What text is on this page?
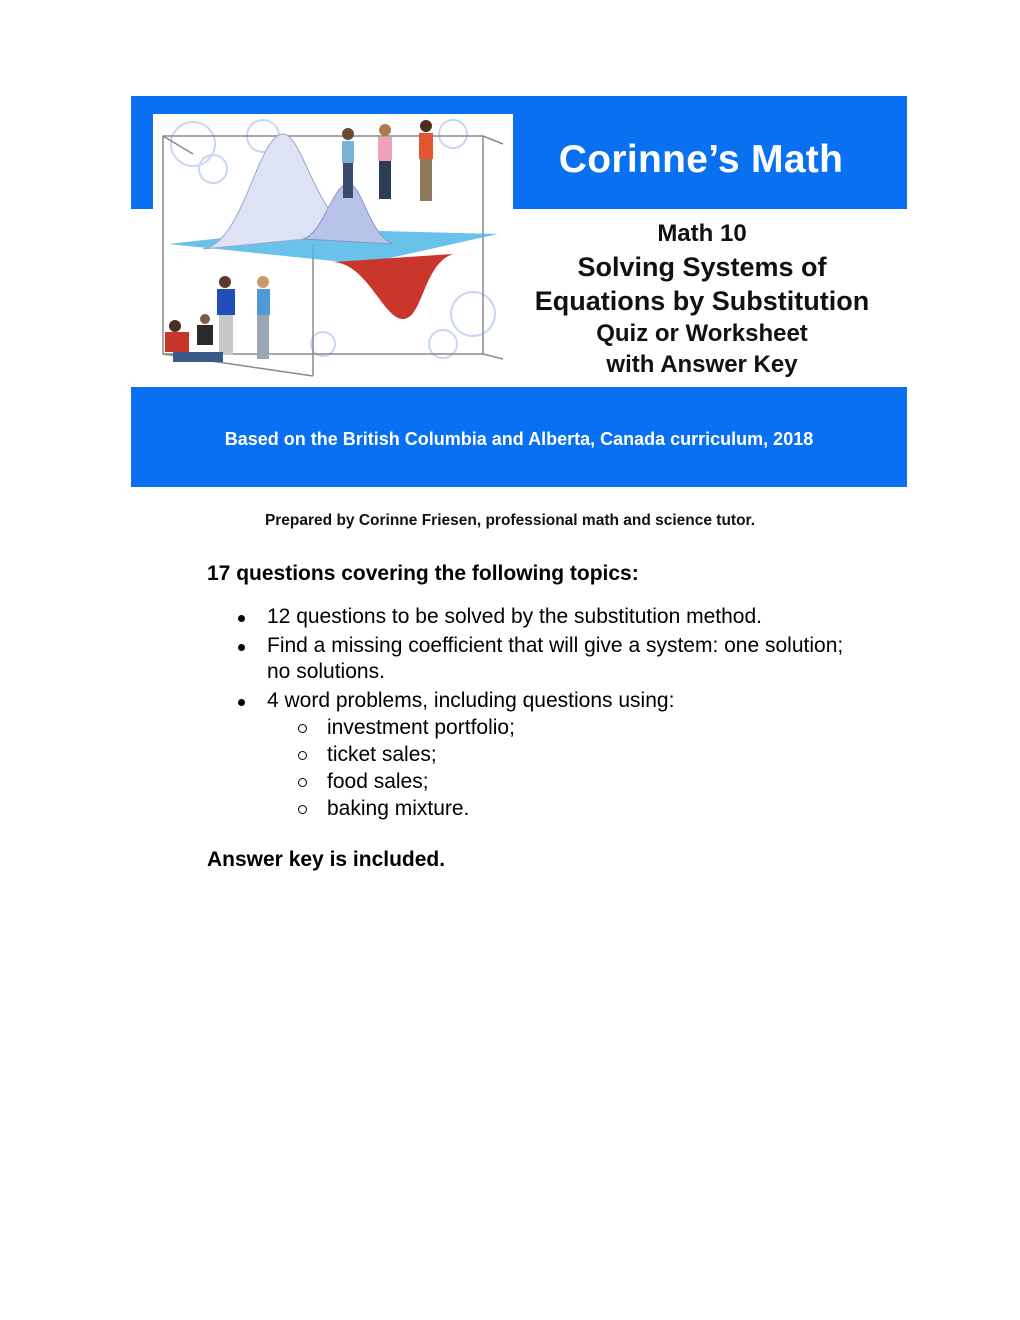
Corinne’s Math
Math 10
Solving Systems of
Equations by Substitution
Quiz or Worksheet
with Answer Key
Based on the British Columbia and Alberta, Canada curriculum, 2018
Prepared by Corinne Friesen, professional math and science tutor.

17 questions covering the following topics:

12 questions to be solved by the substitution method.
Find a missing coefficient that will give a system: one solution; no solutions.
4 word problems, including questions using:
investment portfolio;
ticket sales;
food sales;
baking mixture.
Answer key is included.
